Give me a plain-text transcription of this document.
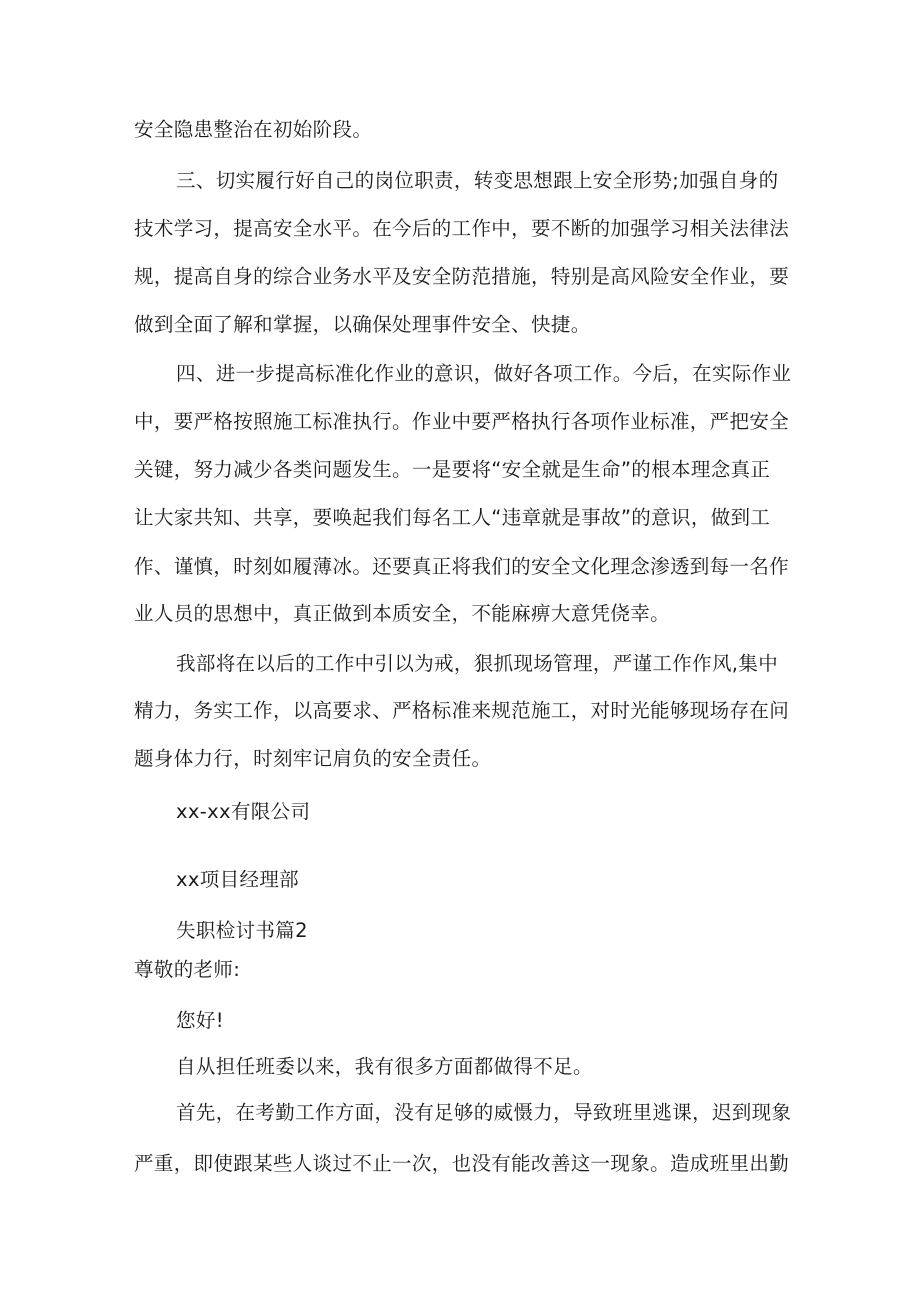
安全隐患整治在初始阶段。
三、切实履行好自己的岗位职责，转变思想跟上安全形势;加强自身的
技术学习，提高安全水平。在今后的工作中，要不断的加强学习相关法律法
规，提高自身的综合业务水平及安全防范措施，特别是高风险安全作业，要
做到全面了解和掌握，以确保处理事件安全、快捷。
四、进一步提高标准化作业的意识，做好各项工作。今后，在实际作业
中，要严格按照施工标准执行。作业中要严格执行各项作业标准，严把安全
关键，努力减少各类问题发生。一是要将“安全就是生命”的根本理念真正
让大家共知、共享，要唤起我们每名工人“违章就是事故”的意识，做到工
作、谨慎，时刻如履薄冰。还要真正将我们的安全文化理念渗透到每一名作
业人员的思想中，真正做到本质安全，不能麻痹大意凭侥幸。
我部将在以后的工作中引以为戒，狠抓现场管理，严谨工作作风,集中
精力，务实工作，以高要求、严格标准来规范施工，对时光能够现场存在问
题身体力行，时刻牢记肩负的安全责任。
xx-xx有限公司
xx项目经理部
失职检讨书篇2
尊敬的老师:
您好!
自从担任班委以来，我有很多方面都做得不足。
首先，在考勤工作方面，没有足够的威慑力，导致班里逃课，迟到现象
严重，即使跟某些人谈过不止一次，也没有能改善这一现象。造成班里出勤
